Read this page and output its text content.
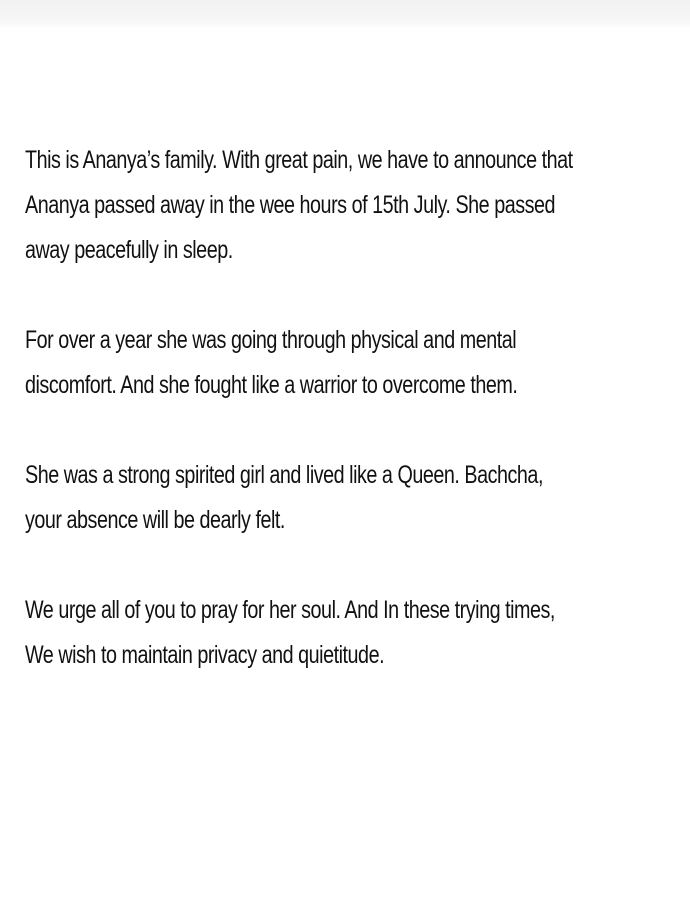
This is Ananya’s family. With great pain, we have to announce that
Ananya passed away in the wee hours of 15th July. She passed
away peacefully in sleep.

For over a year she was going through physical and mental
discomfort. And she fought like a warrior to overcome them.

She was a strong spirited girl and lived like a Queen. Bachcha,
your absence will be dearly felt.

We urge all of you to pray for her soul. And In these trying times,
We wish to maintain privacy and quietitude.
